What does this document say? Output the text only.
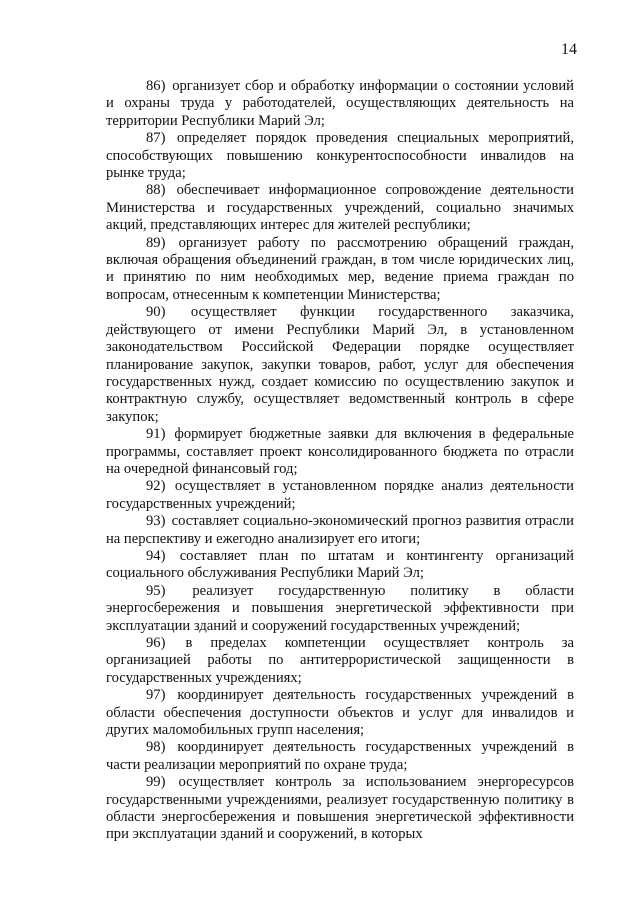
14

86) организует сбор и обработку информации о состоянии условий и охраны труда у работодателей, осуществляющих деятельность на территории Республики Марий Эл;

87) определяет порядок проведения специальных мероприятий, способствующих повышению конкурентоспособности инвалидов на рынке труда;

88) обеспечивает информационное сопровождение деятельности Министерства и государственных учреждений, социально значимых акций, представляющих интерес для жителей республики;

89) организует работу по рассмотрению обращений граждан, включая обращения объединений граждан, в том числе юридических лиц, и принятию по ним необходимых мер, ведение приема граждан по вопросам, отнесенным к компетенции Министерства;

90) осуществляет функции государственного заказчика, действующего от имени Республики Марий Эл, в установленном законодательством Российской Федерации порядке осуществляет планирование закупок, закупки товаров, работ, услуг для обеспечения государственных нужд, создает комиссию по осуществлению закупок и контрактную службу, осуществляет ведомственный контроль в сфере закупок;

91) формирует бюджетные заявки для включения в федеральные программы, составляет проект консолидированного бюджета по отрасли на очередной финансовый год;

92) осуществляет в установленном порядке анализ деятельности государственных учреждений;

93) составляет социально-экономический прогноз развития отрасли на перспективу и ежегодно анализирует его итоги;

94) составляет план по штатам и контингенту организаций социального обслуживания Республики Марий Эл;

95) реализует государственную политику в области энергосбережения и повышения энергетической эффективности при эксплуатации зданий и сооружений государственных учреждений;

96) в пределах компетенции осуществляет контроль за организацией работы по антитеррористической защищенности в государственных учреждениях;

97) координирует деятельность государственных учреждений в области обеспечения доступности объектов и услуг для инвалидов и других маломобильных групп населения;

98) координирует деятельность государственных учреждений в части реализации мероприятий по охране труда;

99) осуществляет контроль за использованием энергоресурсов государственными учреждениями, реализует государственную политику в области энергосбережения и повышения энергетической эффективности при эксплуатации зданий и сооружений, в которых
